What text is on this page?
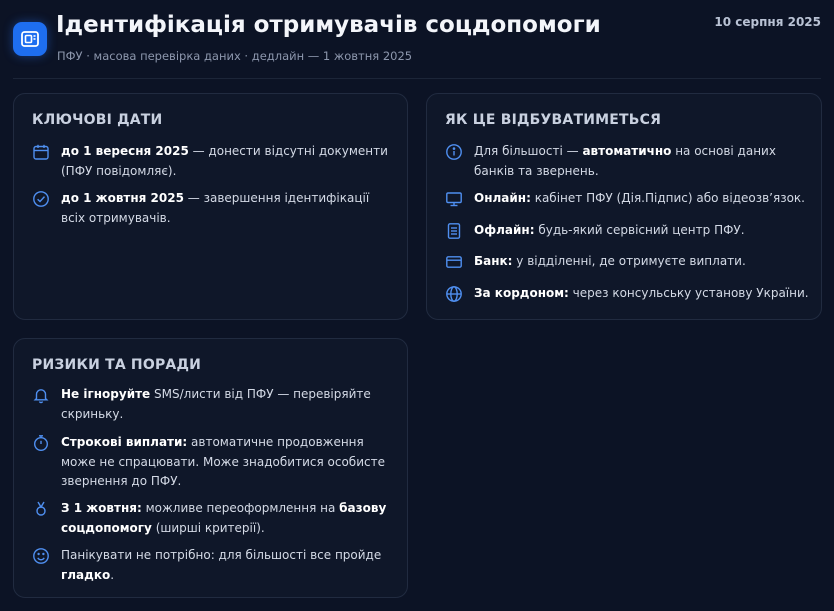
Ідентифікація отримувачів соцдопомоги
ПФУ · масова перевірка даних · дедлайн — 1 жовтня 2025
10 серпня 2025
КЛЮЧОВІ ДАТИ
до 1 вересня 2025 — донести відсутні документи (ПФУ повідомляє).
до 1 жовтня 2025 — завершення ідентифікації всіх отримувачів.
ЯК ЦЕ ВІДБУВАТИМЕТЬСЯ
Для більшості — автоматично на основі даних банків та звернень.
Онлайн: кабінет ПФУ (Дія.Підпис) або відеозв’язок.
Офлайн: будь-який сервісний центр ПФУ.
Банк: у відділенні, де отримуєте виплати.
За кордоном: через консульську установу України.
РИЗИКИ ТА ПОРАДИ
Не ігноруйте SMS/листи від ПФУ — перевіряйте скриньку.
Строкові виплати: автоматичне продовження може не спрацювати. Може знадобитися особисте звернення до ПФУ.
З 1 жовтня: можливе переоформлення на базову соцдопомогу (ширші критерії).
Панікувати не потрібно: для більшості все пройде гладко.
